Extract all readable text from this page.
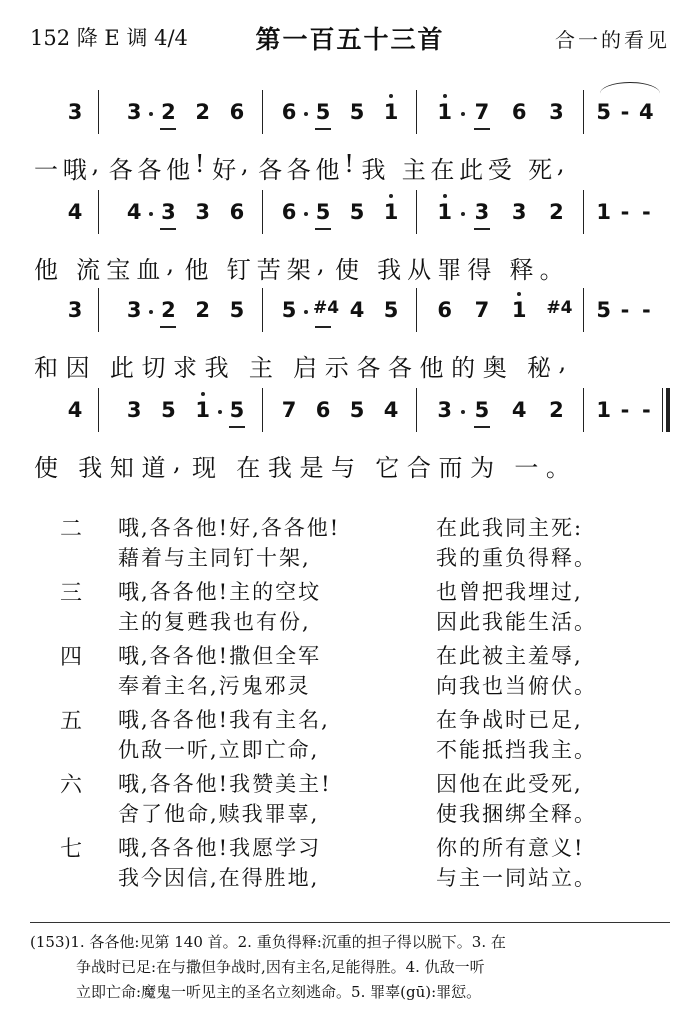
152 降 E 调 4/4	第一百五十三首	合一的看见
3 3 2 2 6 6 5 5 1 1 7 6 3 5 - 4
4 4 3 3 6 6 5 5 1 1 3 3 2 1 - -
3 3 2 2 5 5 #4 4 5 6 7 1 #4 5 - -
4 3 5 1 5 7 6 5 4 3 5 4 2 1 - -
一 哦 , 各 各 他 ! 好 , 各 各 他 ! 我 主 在 此 受 死 ,
他 流 宝 血 , 他 钉 苦 架 , 使 我 从 罪 得 释 。
和 因 此 切 求 我 主 启 示 各 各 他 的 奥 秘 ,
使 我 知 道 , 现 在 我 是 与 它 合 而 为 一 。
二 哦,各各他!好,各各他!	在此我同主死:
藉着与主同钉十架,	我的重负得释。
三 哦,各各他!主的空坟	也曾把我埋过,
主的复甦我也有份,	因此我能生活。
四 哦,各各他!撒但全军	在此被主羞辱,
奉着主名,污鬼邪灵	向我也当俯伏。
五 哦,各各他!我有主名,	在争战时已足,
仇敌一听,立即亡命,	不能抵挡我主。
六 哦,各各他!我赞美主!	因他在此受死,
舍了他命,赎我罪辜,	使我捆绑全释。
七 哦,各各他!我愿学习	你的所有意义!
我今因信,在得胜地,	与主一同站立。
(153)1. 各各他:见第 140 首。2. 重负得释:沉重的担子得以脱下。3. 在
争战时已足:在与撒但争战时,因有主名,足能得胜。4. 仇敌一听
立即亡命:魔鬼一听见主的圣名立刻逃命。5. 罪辜(gū):罪愆。
